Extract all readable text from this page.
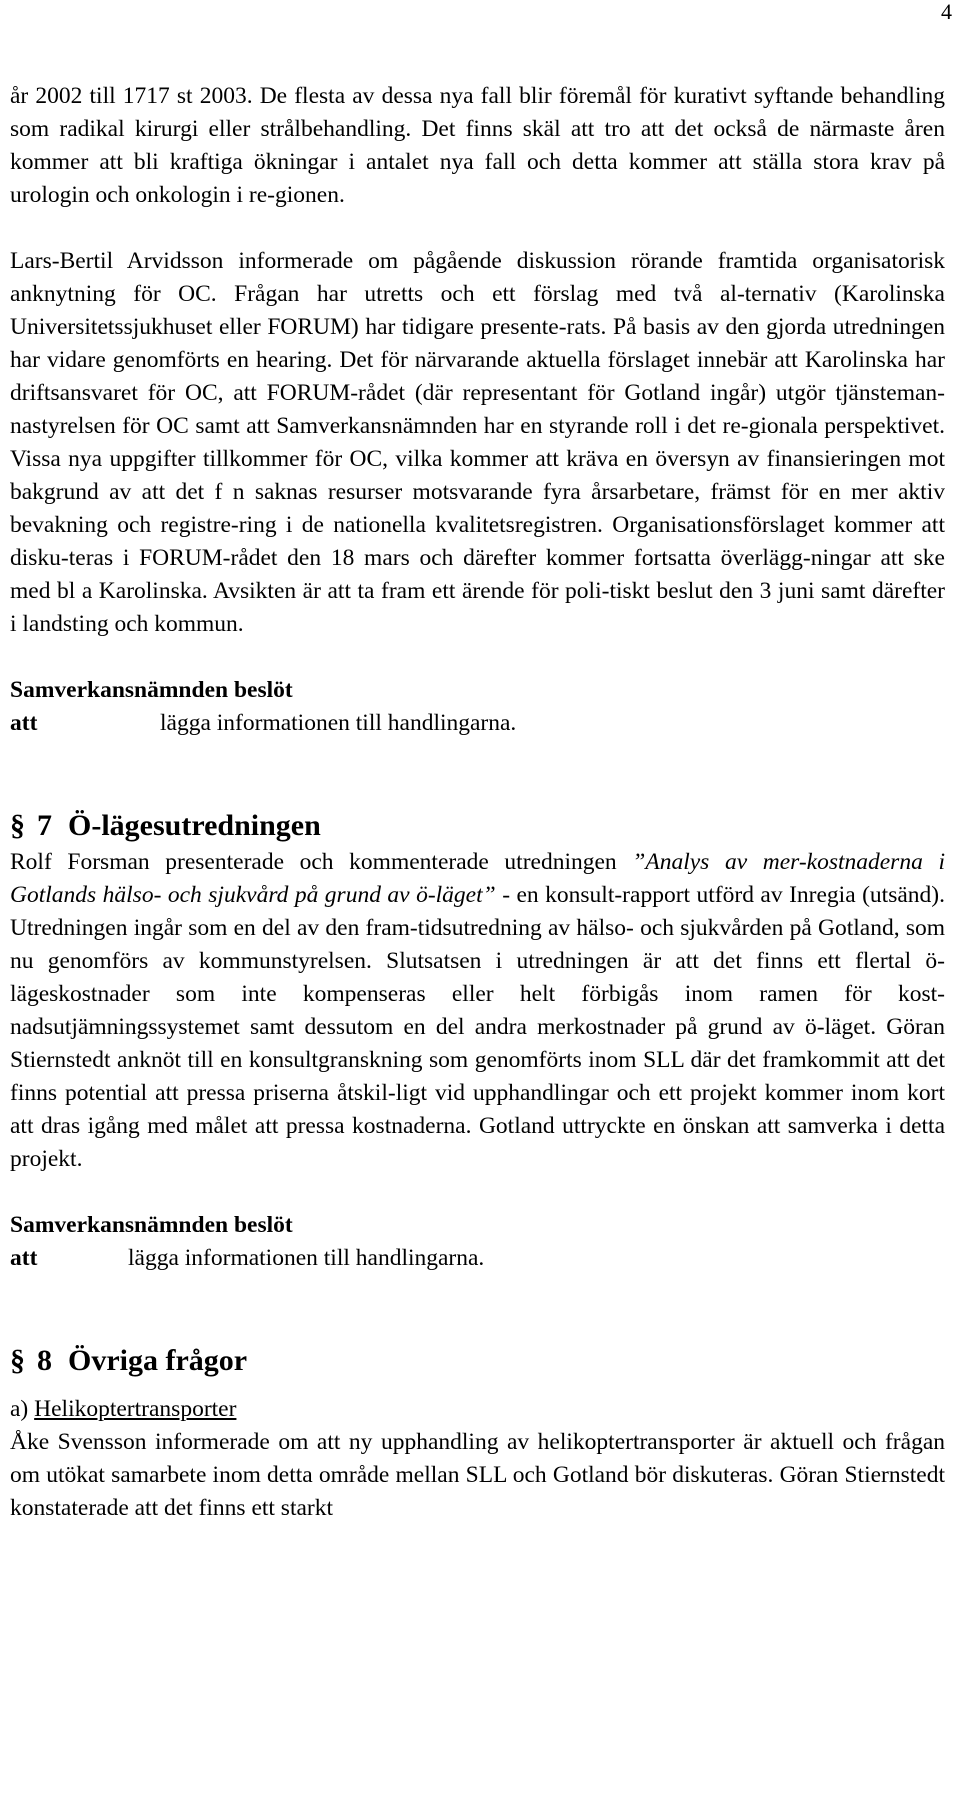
4

år 2002 till 1717 st 2003. De flesta av dessa nya fall blir föremål för kurativt syftande behandling som radikal kirurgi eller strålbehandling. Det finns skäl att tro att det också de närmaste åren kommer att bli kraftiga ökningar i antalet nya fall och detta kommer att ställa stora krav på urologin och onkologin i re-gionen.

Lars-Bertil Arvidsson informerade om pågående diskussion rörande framtida organisatorisk anknytning för OC. Frågan har utretts och ett förslag med två al-ternativ (Karolinska Universitetssjukhuset eller FORUM) har tidigare presente-rats. På basis av den gjorda utredningen har vidare genomförts en hearing. Det för närvarande aktuella förslaget innebär att Karolinska har driftsansvaret för OC, att FORUM-rådet (där representant för Gotland ingår) utgör tjänsteman-nastyrelsen för OC samt att Samverkansnämnden har en styrande roll i det re-gionala perspektivet. Vissa nya uppgifter tillkommer för OC, vilka kommer att kräva en översyn av finansieringen mot bakgrund av att det f n saknas resurser motsvarande fyra årsarbetare, främst för en mer aktiv bevakning och registre-ring i de nationella kvalitetsregistren. Organisationsförslaget kommer att disku-teras i FORUM-rådet den 18 mars och därefter kommer fortsatta överlägg-ningar att ske med bl a Karolinska. Avsikten är att ta fram ett ärende för poli-tiskt beslut den 3 juni samt därefter i landsting och kommun.

Samverkansnämnden beslöt

att	lägga informationen till handlingarna.

§ 7 Ö-lägesutredningen

Rolf Forsman presenterade och kommenterade utredningen ”Analys av mer-kostnaderna i Gotlands hälso- och sjukvård på grund av ö-läget” - en konsult-rapport utförd av Inregia (utsänd). Utredningen ingår som en del av den fram-tidsutredning av hälso- och sjukvården på Gotland, som nu genomförs av kommunstyrelsen. Slutsatsen i utredningen är att det finns ett flertal ö-lägeskostnader som inte kompenseras eller helt förbigås inom ramen för kost-nadsutjämningssystemet samt dessutom en del andra merkostnader på grund av ö-läget. Göran Stiernstedt anknöt till en konsultgranskning som genomförts inom SLL där det framkommit att det finns potential att pressa priserna åtskil-ligt vid upphandlingar och ett projekt kommer inom kort att dras igång med målet att pressa kostnaderna. Gotland uttryckte en önskan att samverka i detta projekt.

Samverkansnämnden beslöt

att	lägga informationen till handlingarna.

§ 8 Övriga frågor

a) Helikoptertransporter

Åke Svensson informerade om att ny upphandling av helikoptertransporter är aktuell och frågan om utökat samarbete inom detta område mellan SLL och Gotland bör diskuteras. Göran Stiernstedt konstaterade att det finns ett starkt
